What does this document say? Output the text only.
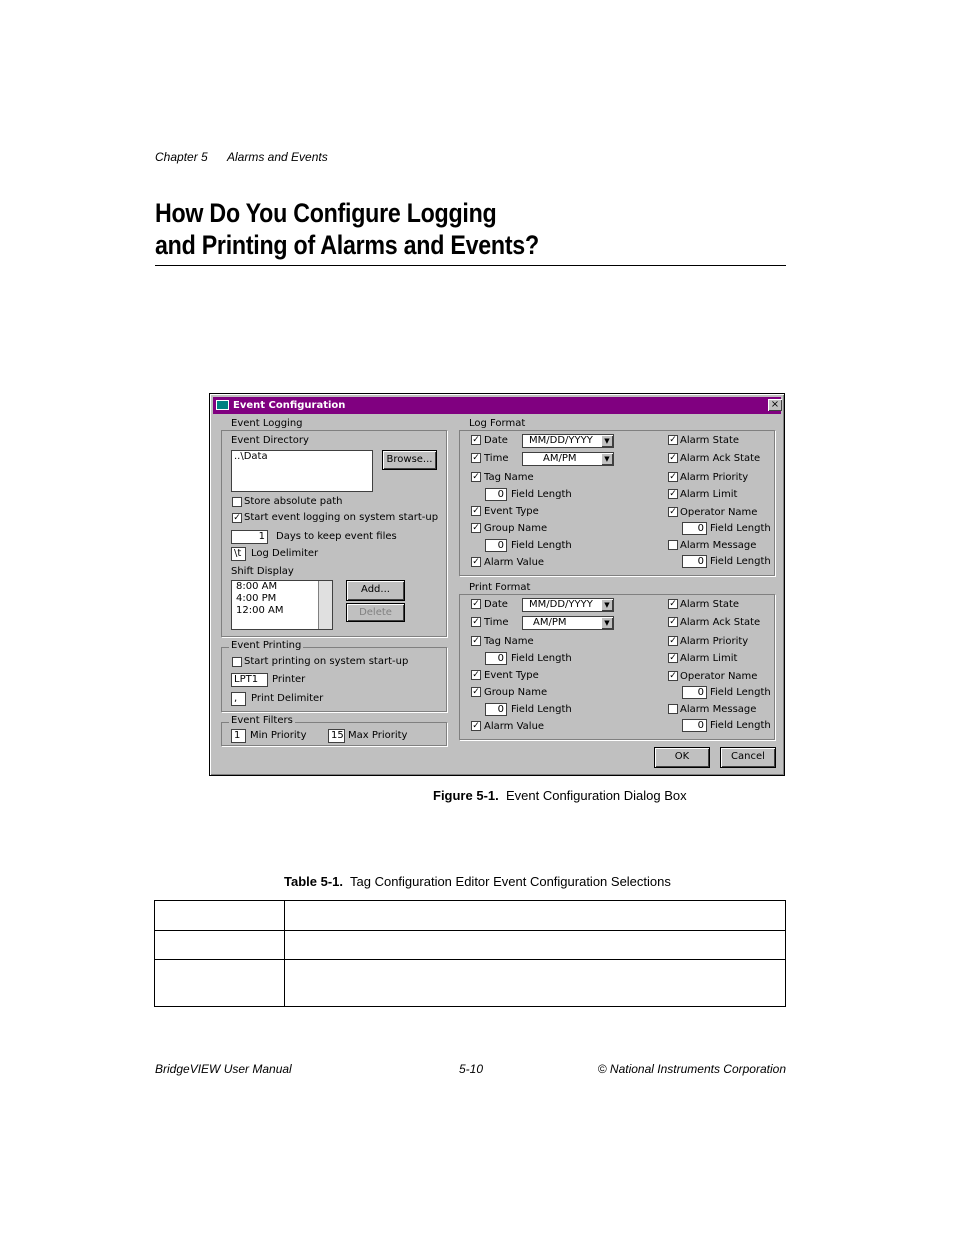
Chapter 5 Alarms and Events
How Do You Configure Logging
and Printing of Alarms and Events?
Event Configuration	×
Event Logging
Event Directory
..\Data	Browse...
Store absolute path
✓ Start event logging on system start-up
1	Days to keep event files
\t Log Delimiter
Shift Display
8:00 AM
4:00 PM
12:00 AM
Add...
Delete
Event Printing
Start printing on system start-up
LPT1	Printer
,	Print Delimiter
Event Filters
1 Min Priority	15 Max Priority
Log Format
✓ Date	MM/DD/YYYY	▼
✓ Time	AM/PM	▼
✓ Tag Name
0 Field Length
✓ Event Type
✓ Group Name
0 Field Length
✓ Alarm Value
✓ Alarm State
✓ Alarm Ack State
✓ Alarm Priority
✓ Alarm Limit
✓ Operator Name
0 Field Length
Alarm Message
0 Field Length
Print Format
✓ Date	MM/DD/YYYY	▼
✓ Time	AM/PM	▼
✓ Tag Name
0 Field Length
✓ Event Type
✓ Group Name
0 Field Length
✓ Alarm Value
✓ Alarm State
✓ Alarm Ack State
✓ Alarm Priority
✓ Alarm Limit
✓ Operator Name
0 Field Length
Alarm Message
0 Field Length
OK	Cancel
Figure 5-1. Event Configuration Dialog Box
Table 5-1. Tag Configuration Editor Event Configuration Selections

BridgeVIEW User Manual	5-10	© National Instruments Corporation
